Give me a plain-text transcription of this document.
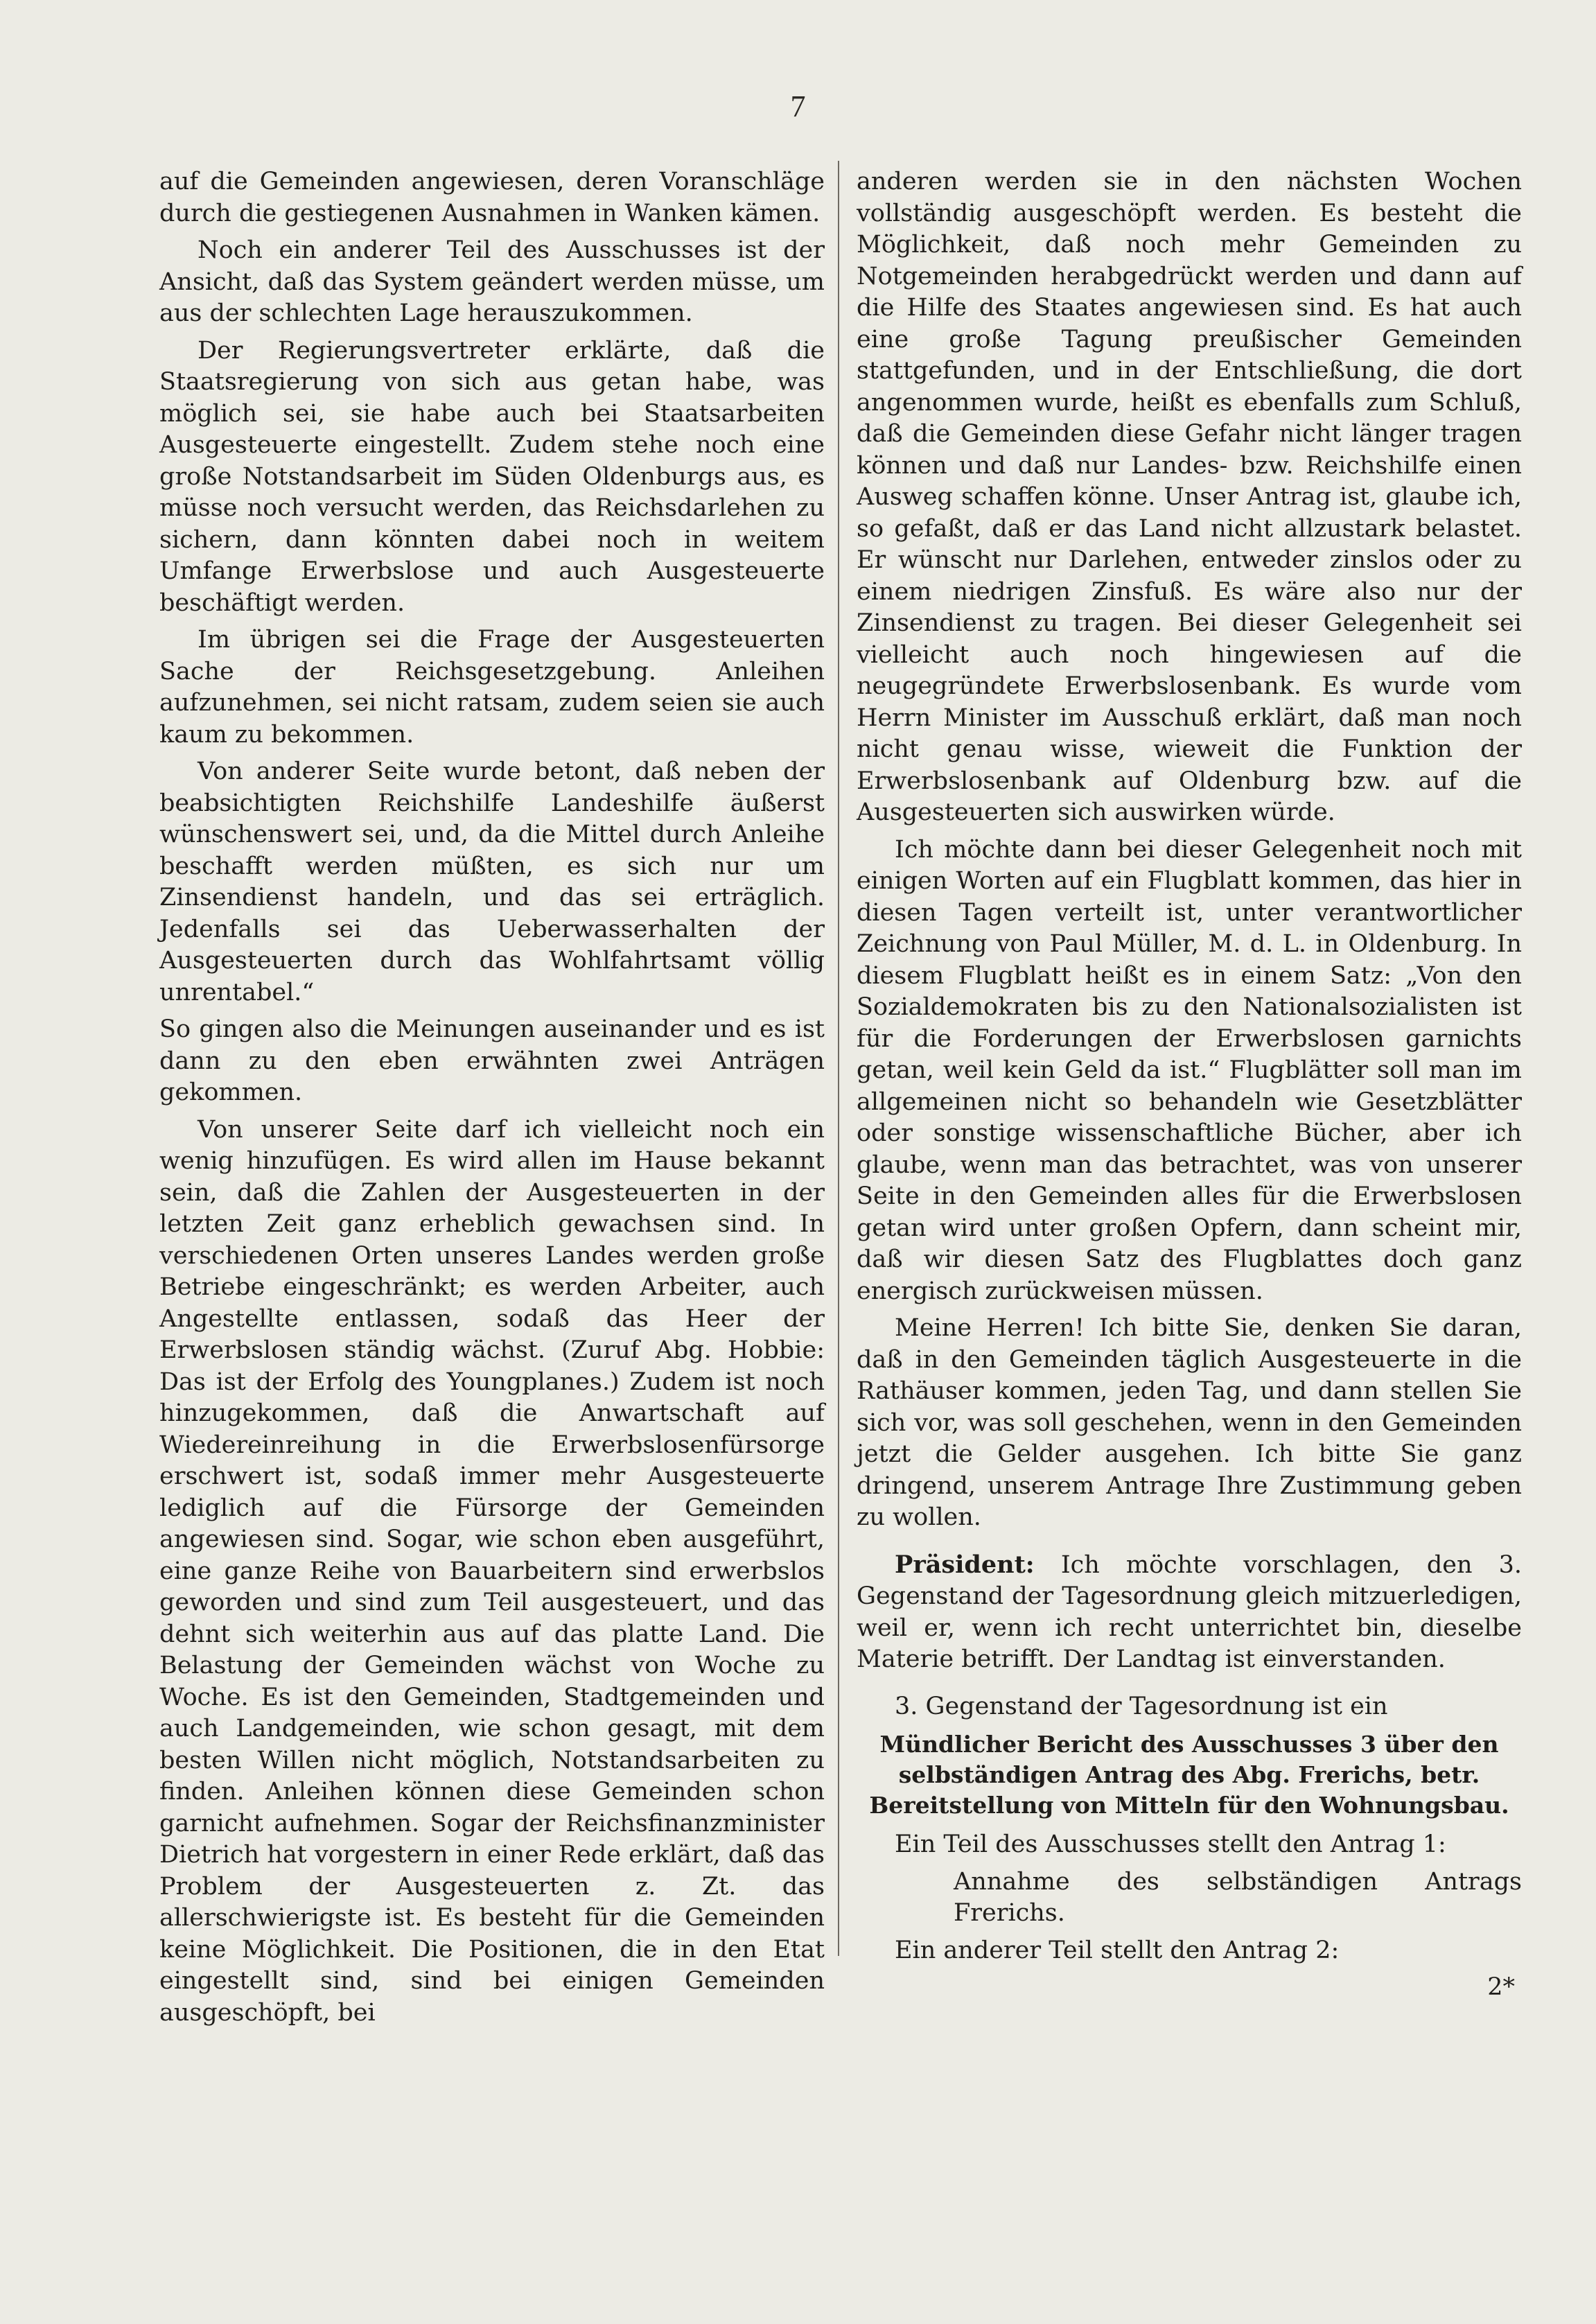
7

auf die Gemeinden angewiesen, deren Voranschläge durch die gestiegenen Ausnahmen in Wanken kämen.

Noch ein anderer Teil des Ausschusses ist der Ansicht, daß das System geändert werden müsse, um aus der schlechten Lage herauszukommen.

Der Regierungsvertreter erklärte, daß die Staatsregierung von sich aus getan habe, was möglich sei, sie habe auch bei Staatsarbeiten Ausgesteuerte eingestellt. Zudem stehe noch eine große Notstandsarbeit im Süden Oldenburgs aus, es müsse noch versucht werden, das Reichsdarlehen zu sichern, dann könnten dabei noch in weitem Umfange Erwerbslose und auch Ausgesteuerte beschäftigt werden.

Im übrigen sei die Frage der Ausgesteuerten Sache der Reichsgesetzgebung. Anleihen aufzunehmen, sei nicht ratsam, zudem seien sie auch kaum zu bekommen.

Von anderer Seite wurde betont, daß neben der beabsichtigten Reichshilfe Landeshilfe äußerst wünschenswert sei, und, da die Mittel durch Anleihe beschafft werden müßten, es sich nur um Zinsendienst handeln, und das sei erträglich. Jedenfalls sei das Ueberwasserhalten der Ausgesteuerten durch das Wohlfahrtsamt völlig unrentabel.“

So gingen also die Meinungen auseinander und es ist dann zu den eben erwähnten zwei Anträgen gekommen.

Von unserer Seite darf ich vielleicht noch ein wenig hinzufügen. Es wird allen im Hause bekannt sein, daß die Zahlen der Ausgesteuerten in der letzten Zeit ganz erheblich gewachsen sind. In verschiedenen Orten unseres Landes werden große Betriebe eingeschränkt; es werden Arbeiter, auch Angestellte entlassen, sodaß das Heer der Erwerbslosen ständig wächst. (Zuruf Abg. Hobbie: Das ist der Erfolg des Youngplanes.) Zudem ist noch hinzugekommen, daß die Anwartschaft auf Wiedereinreihung in die Erwerbslosenfürsorge erschwert ist, sodaß immer mehr Ausgesteuerte lediglich auf die Fürsorge der Gemeinden angewiesen sind. Sogar, wie schon eben ausgeführt, eine ganze Reihe von Bauarbeitern sind erwerbslos geworden und sind zum Teil ausgesteuert, und das dehnt sich weiterhin aus auf das platte Land. Die Belastung der Gemeinden wächst von Woche zu Woche. Es ist den Gemeinden, Stadtgemeinden und auch Landgemeinden, wie schon gesagt, mit dem besten Willen nicht möglich, Notstandsarbeiten zu finden. Anleihen können diese Gemeinden schon garnicht aufnehmen. Sogar der Reichsfinanzminister Dietrich hat vorgestern in einer Rede erklärt, daß das Problem der Ausgesteuerten z. Zt. das allerschwierigste ist. Es besteht für die Gemeinden keine Möglichkeit. Die Positionen, die in den Etat eingestellt sind, sind bei einigen Gemeinden ausgeschöpft, bei

anderen werden sie in den nächsten Wochen vollständig ausgeschöpft werden. Es besteht die Möglichkeit, daß noch mehr Gemeinden zu Notgemeinden herabgedrückt werden und dann auf die Hilfe des Staates angewiesen sind. Es hat auch eine große Tagung preußischer Gemeinden stattgefunden, und in der Entschließung, die dort angenommen wurde, heißt es ebenfalls zum Schluß, daß die Gemeinden diese Gefahr nicht länger tragen können und daß nur Landes- bzw. Reichshilfe einen Ausweg schaffen könne. Unser Antrag ist, glaube ich, so gefaßt, daß er das Land nicht allzustark belastet. Er wünscht nur Darlehen, entweder zinslos oder zu einem niedrigen Zinsfuß. Es wäre also nur der Zinsendienst zu tragen. Bei dieser Gelegenheit sei vielleicht auch noch hingewiesen auf die neugegründete Erwerbslosenbank. Es wurde vom Herrn Minister im Ausschuß erklärt, daß man noch nicht genau wisse, wieweit die Funktion der Erwerbslosenbank auf Oldenburg bzw. auf die Ausgesteuerten sich auswirken würde.

Ich möchte dann bei dieser Gelegenheit noch mit einigen Worten auf ein Flugblatt kommen, das hier in diesen Tagen verteilt ist, unter verantwortlicher Zeichnung von Paul Müller, M. d. L. in Oldenburg. In diesem Flugblatt heißt es in einem Satz: „Von den Sozialdemokraten bis zu den Nationalsozialisten ist für die Forderungen der Erwerbslosen garnichts getan, weil kein Geld da ist.“ Flugblätter soll man im allgemeinen nicht so behandeln wie Gesetzblätter oder sonstige wissenschaftliche Bücher, aber ich glaube, wenn man das betrachtet, was von unserer Seite in den Gemeinden alles für die Erwerbslosen getan wird unter großen Opfern, dann scheint mir, daß wir diesen Satz des Flugblattes doch ganz energisch zurückweisen müssen.

Meine Herren! Ich bitte Sie, denken Sie daran, daß in den Gemeinden täglich Ausgesteuerte in die Rathäuser kommen, jeden Tag, und dann stellen Sie sich vor, was soll geschehen, wenn in den Gemeinden jetzt die Gelder ausgehen. Ich bitte Sie ganz dringend, unserem Antrage Ihre Zustimmung geben zu wollen.

Präsident: Ich möchte vorschlagen, den 3. Gegenstand der Tagesordnung gleich mitzuerledigen, weil er, wenn ich recht unterrichtet bin, dieselbe Materie betrifft. Der Landtag ist einverstanden.

3. Gegenstand der Tagesordnung ist ein

Mündlicher Bericht des Ausschusses 3 über den selbständigen Antrag des Abg. Frerichs, betr. Bereitstellung von Mitteln für den Wohnungsbau.

Ein Teil des Ausschusses stellt den Antrag 1:

Annahme des selbständigen Antrags Frerichs.

Ein anderer Teil stellt den Antrag 2:

2*
